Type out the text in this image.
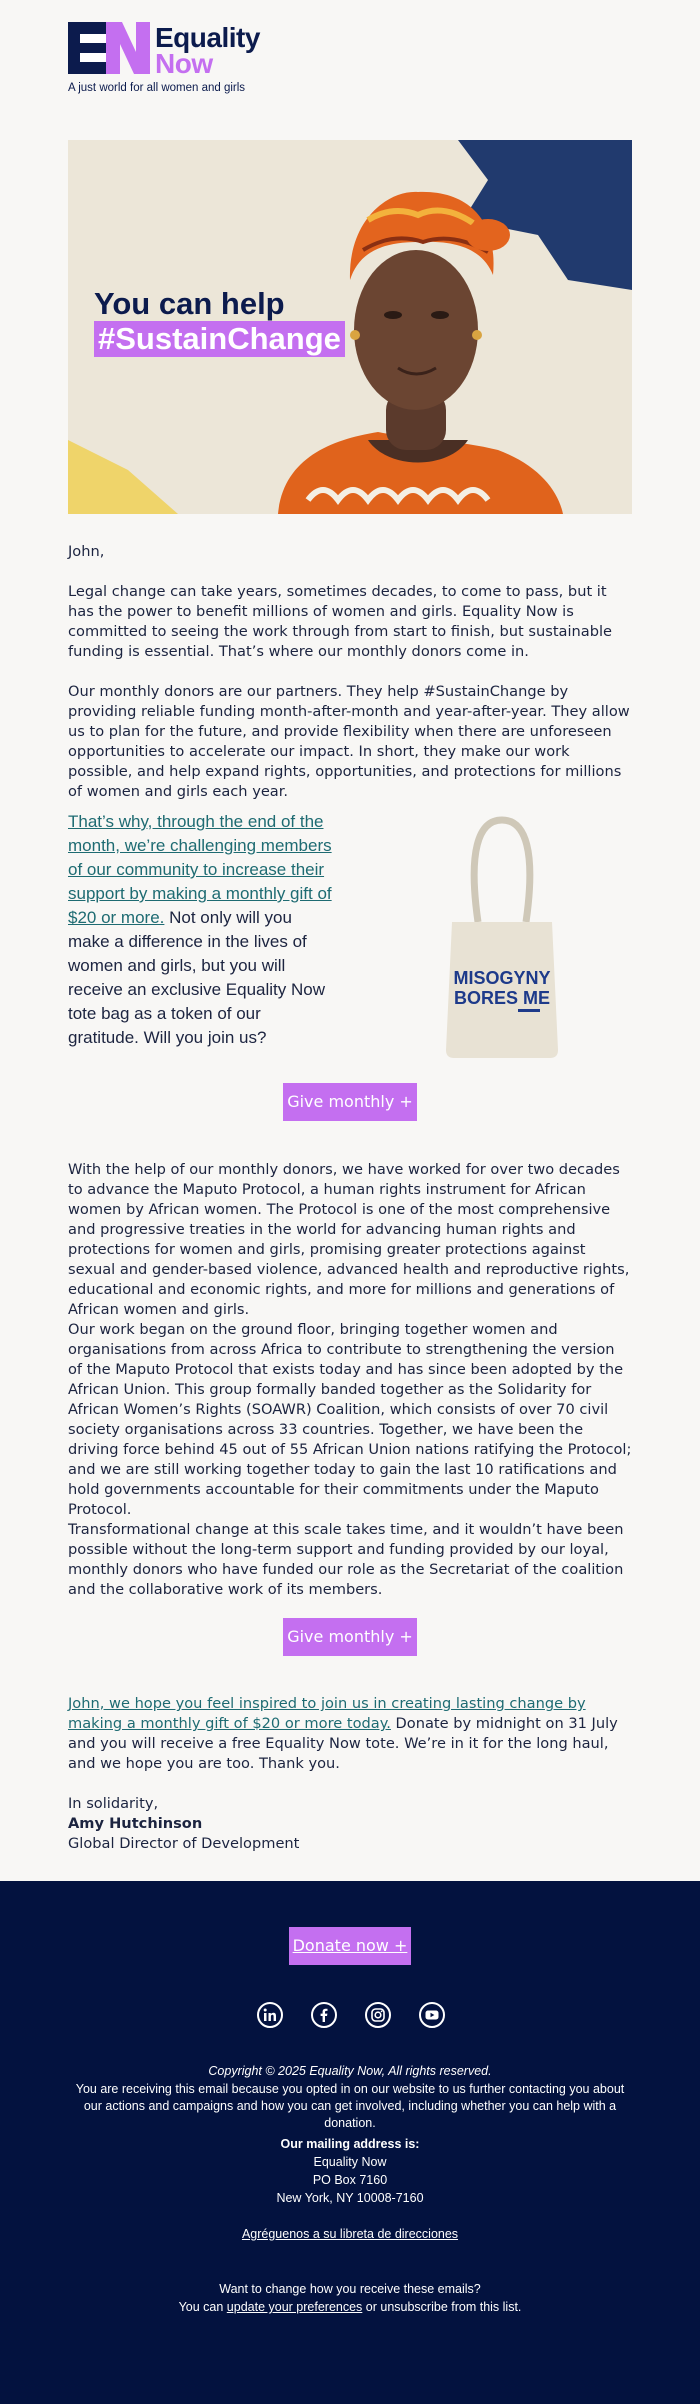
Equality
Now
A just world for all women and girls
You can help
#SustainChange

John,

Legal change can take years, sometimes decades, to come to pass, but it has the power to benefit millions of women and girls. Equality Now is committed to seeing the work through from start to finish, but sustainable funding is essential. That’s where our monthly donors come in.

Our monthly donors are our partners. They help #SustainChange by providing reliable funding month-after-month and year-after-year. They allow us to plan for the future, and provide flexibility when there are unforeseen opportunities to accelerate our impact. In short, they make our work possible, and help expand rights, opportunities, and protections for millions of women and girls each year.

That’s why, through the end of the month, we’re challenging members of our community to increase their support by making a monthly gift of $20 or more. Not only will you make a difference in the lives of women and girls, but you will receive an exclusive Equality Now tote bag as a token of our gratitude. Will you join us?

MISOGYNY
BORES ME
Give monthly +

With the help of our monthly donors, we have worked for over two decades to advance the Maputo Protocol, a human rights instrument for African women by African women. The Protocol is one of the most comprehensive and progressive treaties in the world for advancing human rights and protections for women and girls, promising greater protections against sexual and gender-based violence, advanced health and reproductive rights, educational and economic rights, and more for millions and generations of African women and girls.

Our work began on the ground floor, bringing together women and organisations from across Africa to contribute to strengthening the version of the Maputo Protocol that exists today and has since been adopted by the African Union. This group formally banded together as the Solidarity for African Women’s Rights (SOAWR) Coalition, which consists of over 70 civil society organisations across 33 countries. Together, we have been the driving force behind 45 out of 55 African Union nations ratifying the Protocol; and we are still working together today to gain the last 10 ratifications and hold governments accountable for their commitments under the Maputo Protocol.

Transformational change at this scale takes time, and it wouldn’t have been possible without the long-term support and funding provided by our loyal, monthly donors who have funded our role as the Secretariat of the coalition and the collaborative work of its members.

Give monthly +

John, we hope you feel inspired to join us in creating lasting change by making a monthly gift of $20 or more today. Donate by midnight on 31 July and you will receive a free Equality Now tote. We’re in it for the long haul, and we hope you are too. Thank you.

In solidarity,

Amy Hutchinson

Global Director of Development

Donate now +
Copyright © 2025 Equality Now, All rights reserved.
You are receiving this email because you opted in on our website to us further contacting you about our actions and campaigns and how you can get involved, including whether you can help with a donation.
Our mailing address is:
Equality Now
PO Box 7160
New York, NY 10008-7160
Agréguenos a su libreta de direcciones
Want to change how you receive these emails?
You can update your preferences or unsubscribe from this list.
